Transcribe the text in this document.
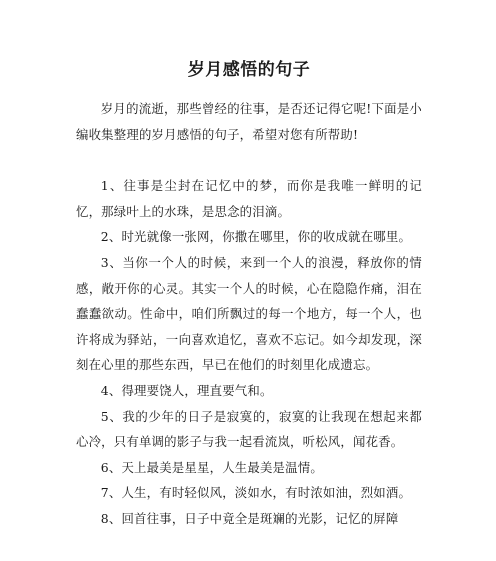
岁月感悟的句子

岁月的流逝，那些曾经的往事，是否还记得它呢!下面是小编收集整理的岁月感悟的句子，希望对您有所帮助!

1、往事是尘封在记忆中的梦，而你是我唯一鲜明的记忆，那绿叶上的水珠，是思念的泪滴。

2、时光就像一张网，你撒在哪里，你的收成就在哪里。

3、当你一个人的时候，来到一个人的浪漫，释放你的情感，敞开你的心灵。其实一个人的时候，心在隐隐作痛，泪在蠢蠢欲动。性命中，咱们所飘过的每一个地方，每一个人，也许将成为驿站，一向喜欢追忆，喜欢不忘记。如今却发现，深刻在心里的那些东西，早已在他们的时刻里化成遗忘。

4、得理要饶人，理直要气和。

5、我的少年的日子是寂寞的，寂寞的让我现在想起来都心冷，只有单调的影子与我一起看流岚，听松风，闻花香。

6、天上最美是星星，人生最美是温情。

7、人生，有时轻似风，淡如水，有时浓如油，烈如酒。

8、回首往事，日子中竟全是斑斓的光影，记忆的屏障
